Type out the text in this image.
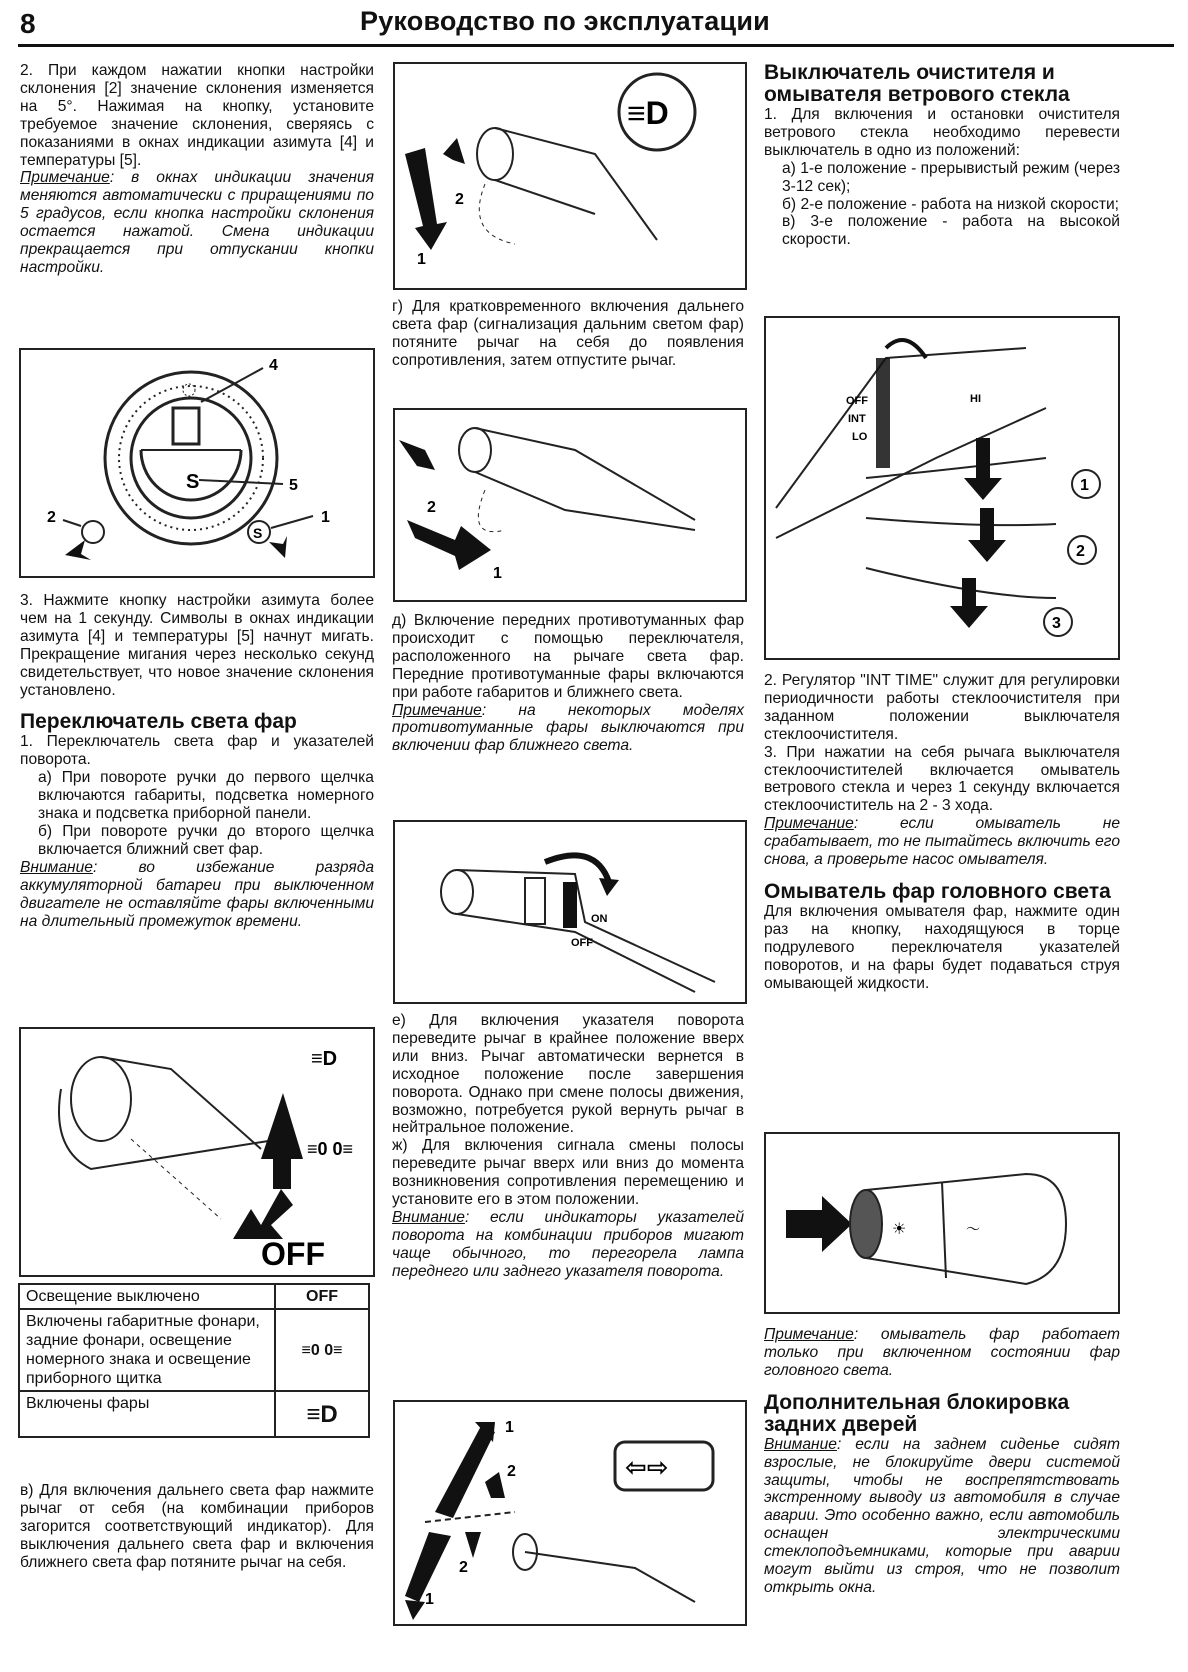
8	Руководство по эксплуатации

2. При каждом нажатии кнопки настройки склонения [2] значение склонения изменяется на 5°. Нажимая на кнопку, установите требуемое значение склонения, сверяясь с показаниями в окнах индикации азимута [4] и температуры [5].

Примечание: в окнах индикации значения меняются автоматически с приращениями по 5 градусов, если кнопка настройки склонения остается нажатой. Смена индикации прекращается при отпускании кнопки настройки.

4
5
S
2
S
1

3. Нажмите кнопку настройки азимута более чем на 1 секунду. Символы в окнах индикации азимута [4] и температуры [5] начнут мигать. Прекращение мигания через несколько секунд свидетельствует, что новое значение склонения установлено.

Переключатель света фар

1. Переключатель света фар и указателей поворота.

а) При повороте ручки до первого щелчка включаются габариты, подсветка номерного знака и подсветка приборной панели.

б) При повороте ручки до второго щелчка включается ближний свет фар.

Внимание: во избежание разряда аккумуляторной батареи при выключенном двигателе не оставляйте фары включенными на длительный промежуток времени.

≡D
≡0 0≡
OFF
Освещение выключено	OFF
Включены габаритные фонари, задние фонари, освещение номерного знака и освещение приборного щитка	≡0 0≡
Включены фары	≡D

в) Для включения дальнего света фар нажмите рычаг от себя (на комбинации приборов загорится соответствующий индикатор). Для выключения дальнего света фар и включения ближнего света фар потяните рычаг на себя.

≡D
2
1

г) Для кратковременного включения дальнего света фар (сигнализация дальним светом фар) потяните рычаг на себя до появления сопротивления, затем отпустите рычаг.

2
1

д) Включение передних противотуманных фар происходит с помощью переключателя, расположенного на рычаге света фар. Передние противотуманные фары включаются при работе габаритов и ближнего света.

Примечание: на некоторых моделях противотуманные фары выключаются при включении фар ближнего света.

ON
OFF

е) Для включения указателя поворота переведите рычаг в крайнее положение вверх или вниз. Рычаг автоматически вернется в исходное положение после завершения поворота. Однако при смене полосы движения, возможно, потребуется рукой вернуть рычаг в нейтральное положение.

ж) Для включения сигнала смены полосы переведите рычаг вверх или вниз до момента возникновения сопротивления перемещению и установите его в этом положении.

Внимание: если индикаторы указателей поворота на комбинации приборов мигают чаще обычного, то перегорела лампа переднего или заднего указателя поворота.

⇦⇨
1
2
2
1
Выключатель очистителя и омывателя ветрового стекла

1. Для включения и остановки очистителя ветрового стекла необходимо перевести выключатель в одно из положений:

а) 1-е положение - прерывистый режим (через 3-12 сек);

б) 2-е положение - работа на низкой скорости;

в) 3-е положение - работа на высокой скорости.

OFF
INT
LO
HI
1
2
3

2. Регулятор "INT TIME" служит для регулировки периодичности работы стеклоочистителя при заданном положении выключателя стеклоочистителя.

3. При нажатии на себя рычага выключателя стеклоочистителей включается омыватель ветрового стекла и через 1 секунду включается стеклоочиститель на 2 - 3 хода.

Примечание: если омыватель не срабатывает, то не пытайтесь включить его снова, а проверьте насос омывателя.

Омыватель фар головного света

Для включения омывателя фар, нажмите один раз на кнопку, находящуюся в торце подрулевого переключателя указателей поворотов, и на фары будет подаваться струя омывающей жидкости.

☀	〜

Примечание: омыватель фар работает только при включенном состоянии фар головного света.

Дополнительная блокировка задних дверей

Внимание: если на заднем сиденье сидят взрослые, не блокируйте двери системой защиты, чтобы не воспрепятствовать экстренному выводу из автомобиля в случае аварии. Это особенно важно, если автомобиль оснащен электрическими стеклоподъемниками, которые при аварии могут выйти из строя, что не позволит открыть окна.
